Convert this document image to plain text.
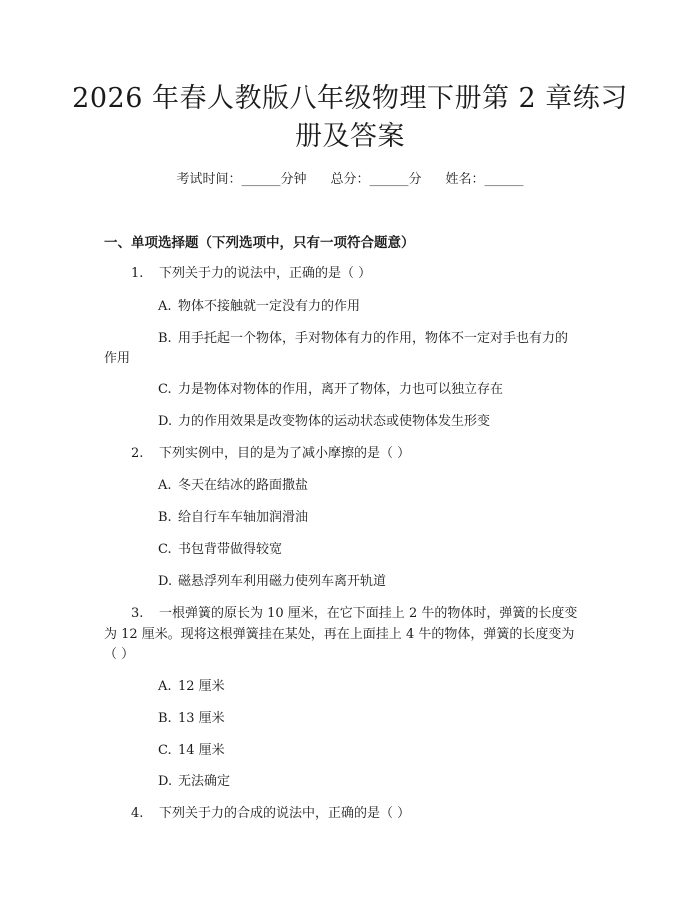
2026 年春人教版八年级物理下册第 2 章练习
册及答案
考试时间：______分钟 总分：______分 姓名：______
一、单项选择题（下列选项中，只有一项符合题意）
1. 下列关于力的说法中，正确的是（ ）
A. 物体不接触就一定没有力的作用
B. 用手托起一个物体，手对物体有力的作用，物体不一定对手也有力的
作用
C. 力是物体对物体的作用，离开了物体，力也可以独立存在
D. 力的作用效果是改变物体的运动状态或使物体发生形变
2. 下列实例中，目的是为了减小摩擦的是（ ）
A. 冬天在结冰的路面撒盐
B. 给自行车车轴加润滑油
C. 书包背带做得较宽
D. 磁悬浮列车利用磁力使列车离开轨道
3. 一根弹簧的原长为 10 厘米，在它下面挂上 2 牛的物体时，弹簧的长度变
为 12 厘米。现将这根弹簧挂在某处，再在上面挂上 4 牛的物体，弹簧的长度变为
（ ）
A. 12 厘米
B. 13 厘米
C. 14 厘米
D. 无法确定
4. 下列关于力的合成的说法中，正确的是（ ）
